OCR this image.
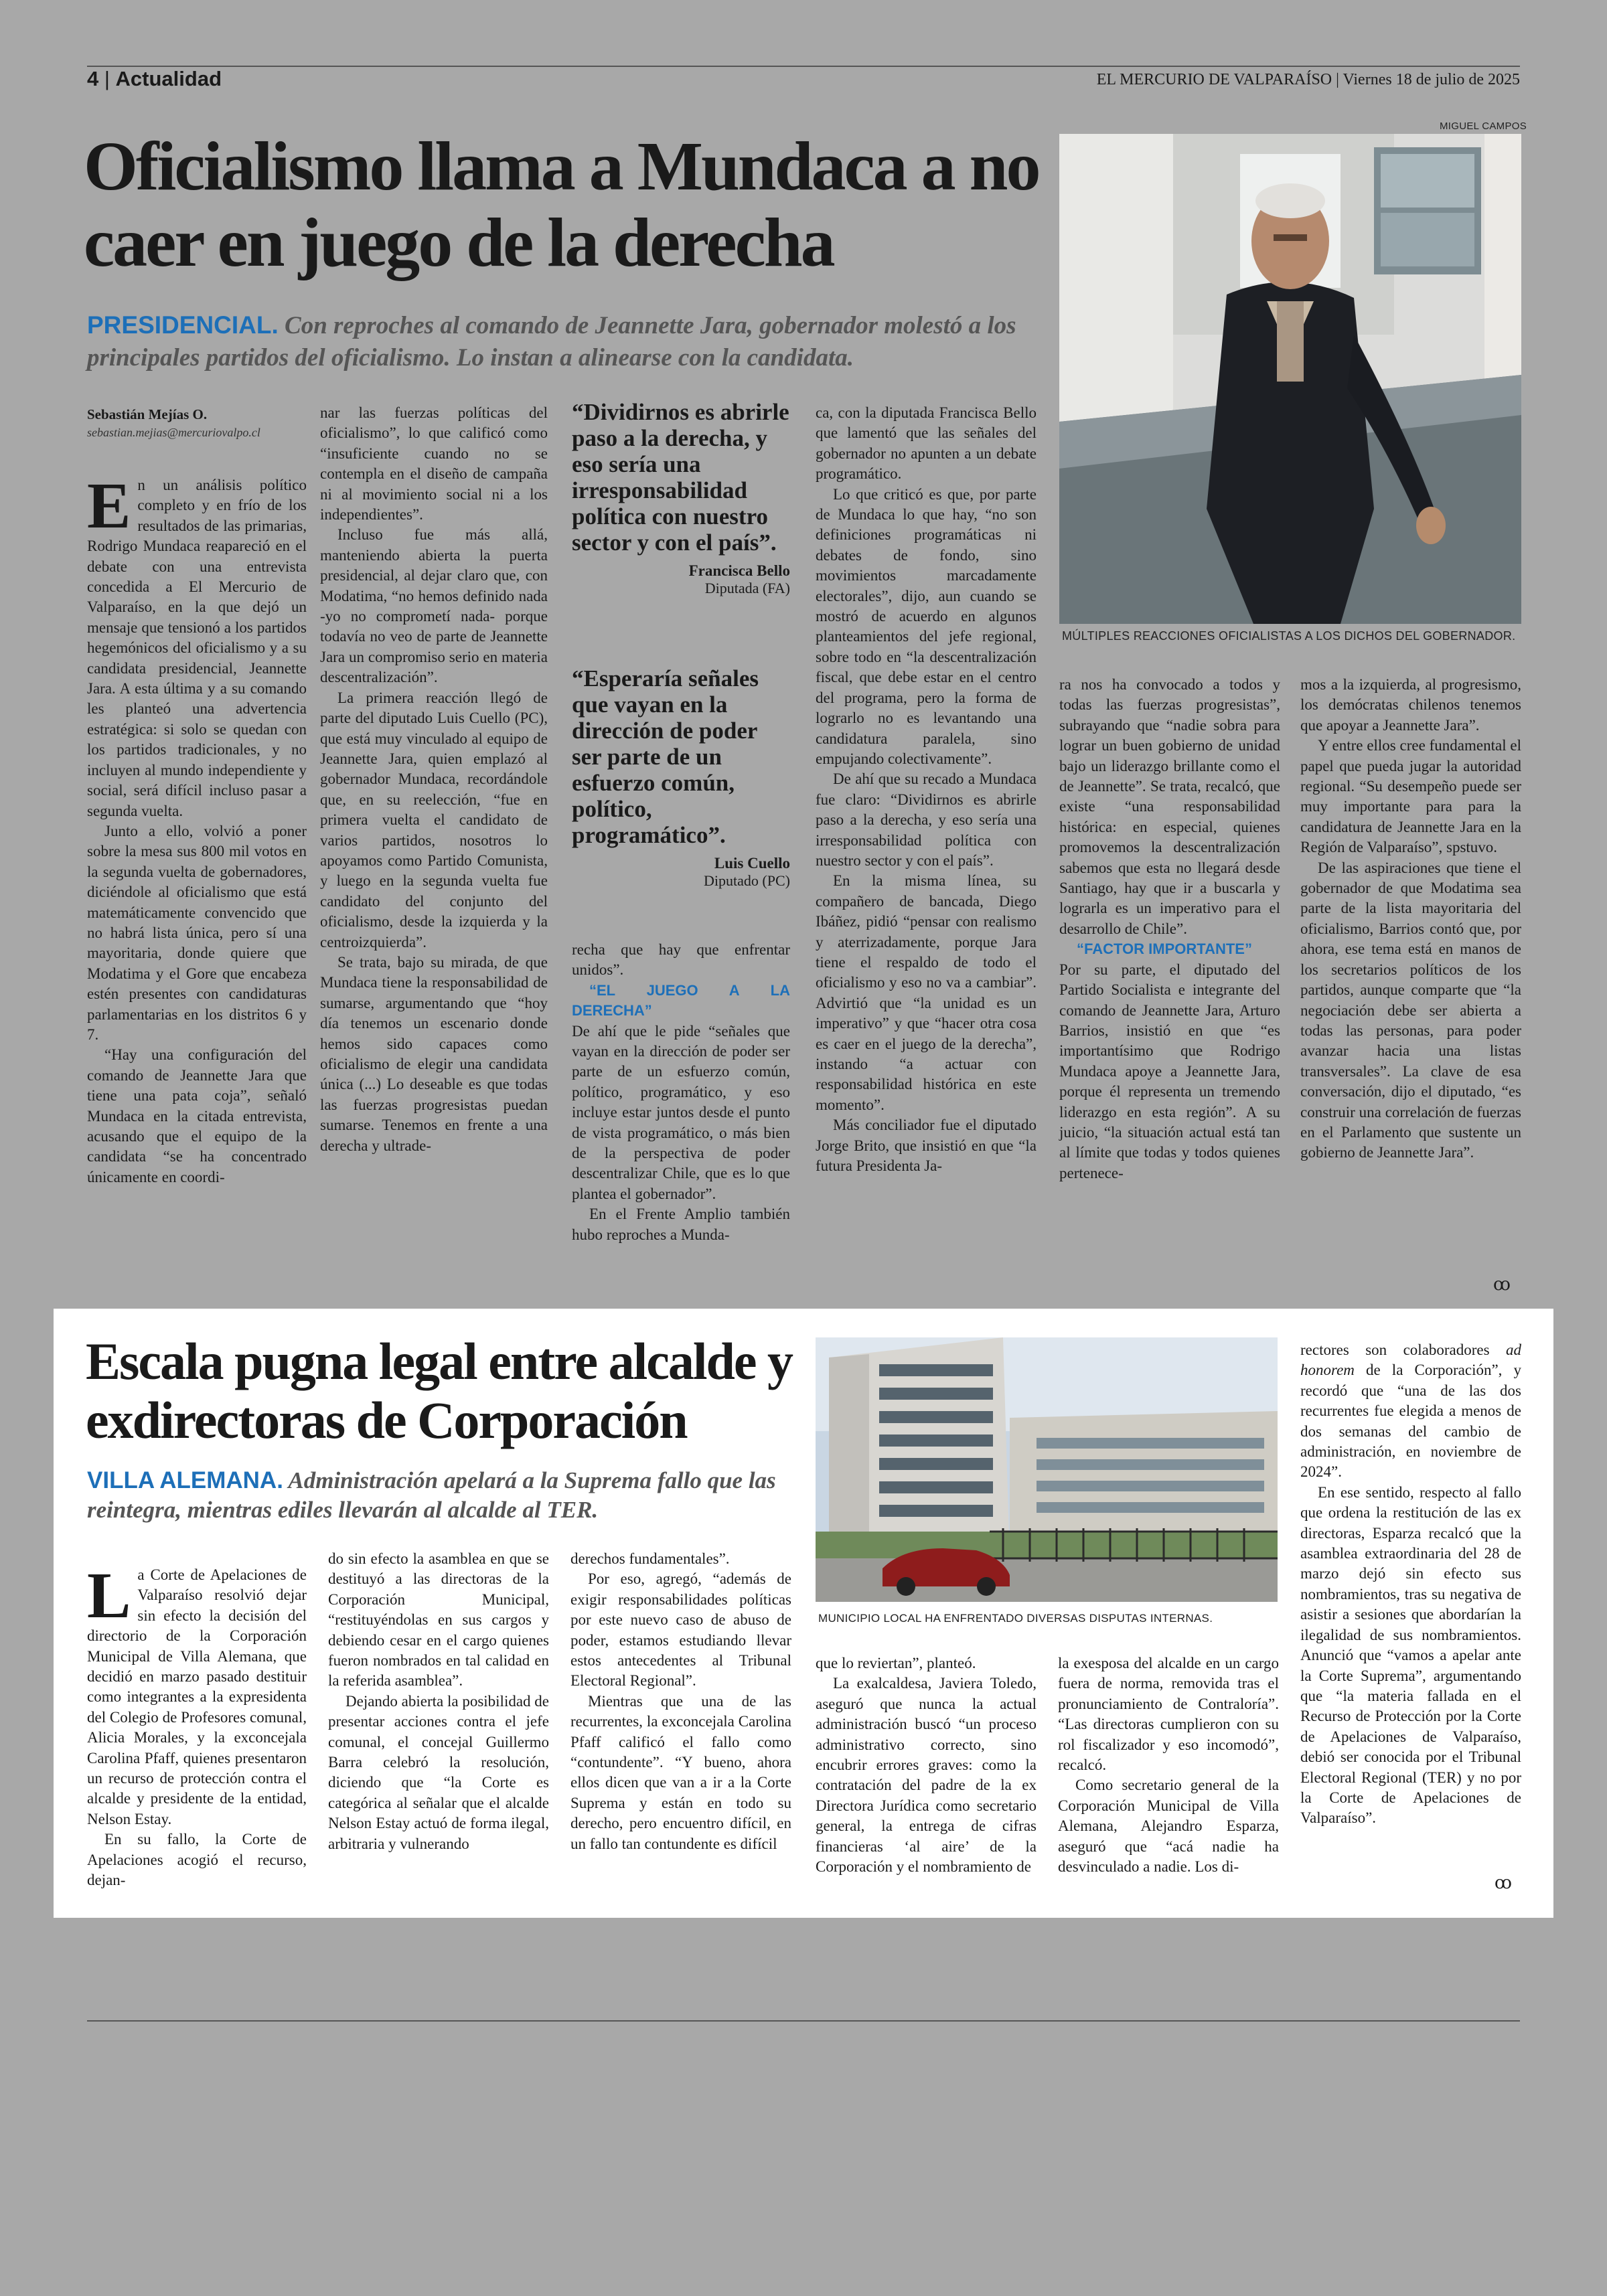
4 | Actualidad	EL MERCURIO DE VALPARAÍSO | Viernes 18 de julio de 2025
Oficialismo llama a Mundaca a no caer en juego de la derecha
PRESIDENCIAL. Con reproches al comando de Jeannette Jara, gobernador molestó a los principales partidos del oficialismo. Lo instan a alinearse con la candidata.
MIGUEL CAMPOS
MÚLTIPLES REACCIONES OFICIALISTAS A LOS DICHOS DEL GOBERNADOR.
Sebastián Mejías O.
sebastian.mejias@mercuriovalpo.cl

En un análisis político completo y en frío de los resultados de las primarias, Rodrigo Mundaca reapareció en el debate con una entrevista concedida a El Mercurio de Valparaíso, en la que dejó un mensaje que tensionó a los partidos hegemónicos del oficialismo y a su candidata presidencial, Jeannette Jara. A esta última y a su comando les planteó una advertencia estratégica: si solo se quedan con los partidos tradicionales, y no incluyen al mundo independiente y social, será difícil incluso pasar a segunda vuelta.

Junto a ello, volvió a poner sobre la mesa sus 800 mil votos en la segunda vuelta de gobernadores, diciéndole al oficialismo que está matemáticamente convencido que no habrá lista única, pero sí una mayoritaria, donde quiere que Modatima y el Gore que encabeza estén presentes con candidaturas parlamentarias en los distritos 6 y 7.

“Hay una configuración del comando de Jeannette Jara que tiene una pata coja”, señaló Mundaca en la citada entrevista, acusando que el equipo de la candidata “se ha concentrado únicamente en coordi-

nar las fuerzas políticas del oficialismo”, lo que calificó como “insuficiente cuando no se contempla en el diseño de campaña ni al movimiento social ni a los independientes”.

Incluso fue más allá, manteniendo abierta la puerta presidencial, al dejar claro que, con Modatima, “no hemos definido nada -yo no comprometí nada- porque todavía no veo de parte de Jeannette Jara un compromiso serio en materia descentralización”.

La primera reacción llegó de parte del diputado Luis Cuello (PC), que está muy vinculado al equipo de Jeannette Jara, quien emplazó al gobernador Mundaca, recordándole que, en su reelección, “fue en primera vuelta el candidato de varios partidos, nosotros lo apoyamos como Partido Comunista, y luego en la segunda vuelta fue candidato del conjunto del oficialismo, desde la izquierda y la centroizquierda”.

Se trata, bajo su mirada, de que Mundaca tiene la responsabilidad de sumarse, argumentando que “hoy día tenemos un escenario donde hemos sido capaces como oficialismo de elegir una candidata única (...) Lo deseable es que todas las fuerzas progresistas puedan sumarse. Tenemos en frente a una derecha y ultrade-

“Dividirnos es abrirle paso a la derecha, y eso sería una irresponsabilidad política con nuestro sector y con el país”.

Francisca Bello

Diputada (FA)

“Esperaría señales que vayan en la dirección de poder ser parte de un esfuerzo común, político, programático”.

Luis Cuello

Diputado (PC)

recha que hay que enfrentar unidos”.

“EL JUEGO A LA DERECHA”

De ahí que le pide “señales que vayan en la dirección de poder ser parte de un esfuerzo común, político, programático, y eso incluye estar juntos desde el punto de vista programático, o más bien de la perspectiva de poder descentralizar Chile, que es lo que plantea el gobernador”.

En el Frente Amplio también hubo reproches a Munda-

ca, con la diputada Francisca Bello que lamentó que las señales del gobernador no apunten a un debate programático.

Lo que criticó es que, por parte de Mundaca lo que hay, “no son definiciones programáticas ni debates de fondo, sino movimientos marcadamente electorales”, dijo, aun cuando se mostró de acuerdo en algunos planteamientos del jefe regional, sobre todo en “la descentralización fiscal, que debe estar en el centro del programa, pero la forma de lograrlo no es levantando una candidatura paralela, sino empujando colectivamente”.

De ahí que su recado a Mundaca fue claro: “Dividirnos es abrirle paso a la derecha, y eso sería una irresponsabilidad política con nuestro sector y con el país”.

En la misma línea, su compañero de bancada, Diego Ibáñez, pidió “pensar con realismo y aterrizadamente, porque Jara tiene el respaldo de todo el oficialismo y eso no va a cambiar”. Advirtió que “la unidad es un imperativo” y que “hacer otra cosa es caer en el juego de la derecha”, instando “a actuar con responsabilidad histórica en este momento”.

Más conciliador fue el diputado Jorge Brito, que insistió en que “la futura Presidenta Ja-

ra nos ha convocado a todos y todas las fuerzas progresistas”, subrayando que “nadie sobra para lograr un buen gobierno de unidad bajo un liderazgo brillante como el de Jeannette”. Se trata, recalcó, que existe “una responsabilidad histórica: en especial, quienes promovemos la descentralización sabemos que esta no llegará desde Santiago, hay que ir a buscarla y lograrla es un imperativo para el desarrollo de Chile”.

“FACTOR IMPORTANTE”

Por su parte, el diputado del Partido Socialista e integrante del comando de Jeannette Jara, Arturo Barrios, insistió en que “es importantísimo que Rodrigo Mundaca apoye a Jeannette Jara, porque él representa un tremendo liderazgo en esta región”. A su juicio, “la situación actual está tan al límite que todas y todos quienes pertenece-

mos a la izquierda, al progresismo, los demócratas chilenos tenemos que apoyar a Jeannette Jara”.

Y entre ellos cree fundamental el papel que pueda jugar la autoridad regional. “Su desempeño puede ser muy importante para para la candidatura de Jeannette Jara en la Región de Valparaíso”, spstuvo.

De las aspiraciones que tiene el gobernador de que Modatima sea parte de la lista mayoritaria del oficialismo, Barrios contó que, por ahora, ese tema está en manos de los secretarios políticos de los partidos, aunque comparte que “la negociación debe ser abierta a todas las personas, para poder avanzar hacia una listas transversales”. La clave de esa conversación, dijo el diputado, “es construir una correlación de fuerzas en el Parlamento que sustente un gobierno de Jeannette Jara”.

ꝏ
Escala pugna legal entre alcalde y exdirectoras de Corporación
VILLA ALEMANA. Administración apelará a la Suprema fallo que las reintegra, mientras ediles llevarán al alcalde al TER.
MUNICIPIO LOCAL HA ENFRENTADO DIVERSAS DISPUTAS INTERNAS.

La Corte de Apelaciones de Valparaíso resolvió dejar sin efecto la decisión del directorio de la Corporación Municipal de Villa Alemana, que decidió en marzo pasado destituir como integrantes a la expresidenta del Colegio de Profesores comunal, Alicia Morales, y la exconcejala Carolina Pfaff, quienes presentaron un recurso de protección contra el alcalde y presidente de la entidad, Nelson Estay.

En su fallo, la Corte de Apelaciones acogió el recurso, dejan-

do sin efecto la asamblea en que se destituyó a las directoras de la Corporación Municipal, “restituyéndolas en sus cargos y debiendo cesar en el cargo quienes fueron nombrados en tal calidad en la referida asamblea”.

Dejando abierta la posibilidad de presentar acciones contra el jefe comunal, el concejal Guillermo Barra celebró la resolución, diciendo que “la Corte es categórica al señalar que el alcalde Nelson Estay actuó de forma ilegal, arbitraria y vulnerando

derechos fundamentales”.

Por eso, agregó, “además de exigir responsabilidades políticas por este nuevo caso de abuso de poder, estamos estudiando llevar estos antecedentes al Tribunal Electoral Regional”.

Mientras que una de las recurrentes, la exconcejala Carolina Pfaff calificó el fallo como “contundente”. “Y bueno, ahora ellos dicen que van a ir a la Corte Suprema y están en todo su derecho, pero encuentro difícil, en un fallo tan contundente es difícil

que lo reviertan”, planteó.

La exalcaldesa, Javiera Toledo, aseguró que nunca la actual administración buscó “un proceso administrativo correcto, sino encubrir errores graves: como la contratación del padre de la ex Directora Jurídica como secretario general, la entrega de cifras financieras ‘al aire’ de la Corporación y el nombramiento de

la exesposa del alcalde en un cargo fuera de norma, removida tras el pronunciamiento de Contraloría”. “Las directoras cumplieron con su rol fiscalizador y eso incomodó”, recalcó.

Como secretario general de la Corporación Municipal de Villa Alemana, Alejandro Esparza, aseguró que “acá nadie ha desvinculado a nadie. Los di-

rectores son colaboradores ad honorem de la Corporación”, y recordó que “una de las dos recurrentes fue elegida a menos de dos semanas del cambio de administración, en noviembre de 2024”.

En ese sentido, respecto al fallo que ordena la restitución de las ex directoras, Esparza recalcó que la asamblea extraordinaria del 28 de marzo dejó sin efecto sus nombramientos, tras su negativa de asistir a sesiones que abordarían la ilegalidad de sus nombramientos. Anunció que “vamos a apelar ante la Corte Suprema”, argumentando que “la materia fallada en el Recurso de Protección por la Corte de Apelaciones de Valparaíso, debió ser conocida por el Tribunal Electoral Regional (TER) y no por la Corte de Apelaciones de Valparaíso”.

ꝏ
